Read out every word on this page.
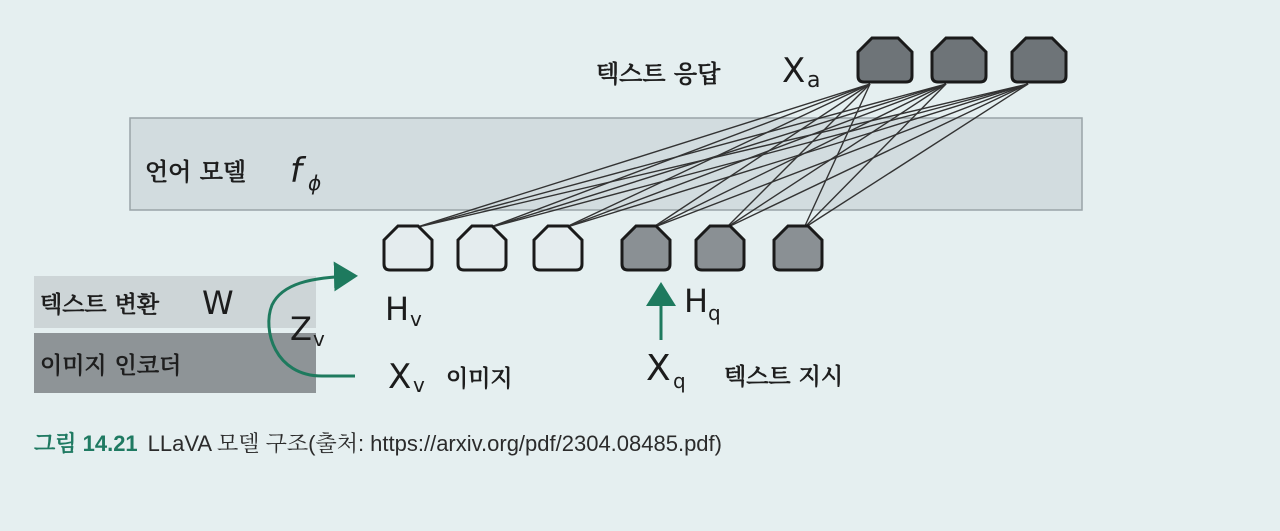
언어 모델 f ϕ
텍스트 응답 X a
텍스트 변환 W
이미지 인코더
Z v
H v
X v 이미지
H q
X q 텍스트 지시
그림 14.21 LLaVA 모델 구조(출처: https://arxiv.org/pdf/2304.08485.pdf)
